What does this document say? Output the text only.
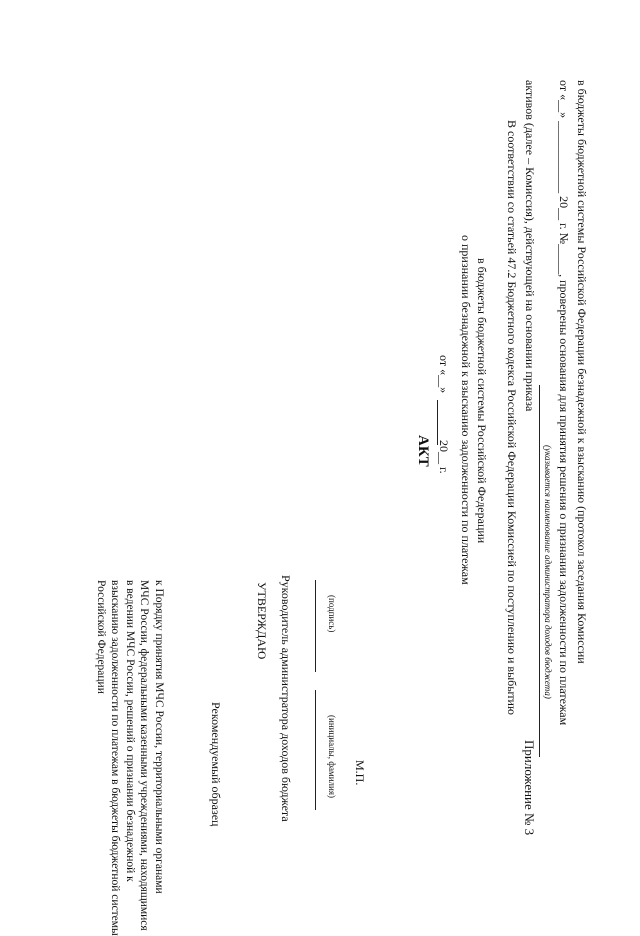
Приложение № 3
к Порядку принятия МЧС России, территориальными органами
МЧС России, федеральными казенными учреждениями, находящимися
в ведении МЧС России, решений о признании безнадежной к
взысканию задолженности по платежам в бюджеты бюджетной системы
Российской Федерации
Рекомендуемый образец
УТВЕРЖДАЮ Руководитель администратора доходов бюджета	(подпись)
(инициалы, фамилия) М.П.
АКТ
от «__»
20__ г. о признании безнадежной к взысканию задолженности по платежам в бюджеты бюджетной системы Российской Федерации В соответствии со статьей 47.2 Бюджетного кодекса Российской Федерации Комиссией по поступлению и выбытию активов (далее – Комиссия), действующей на основании приказа
(указывается наименование администратора доходов бюджета) от «__» ____________ 20__ г. №_____, проверены основания для принятия решения о признании задолженности по платежам в бюджеты бюджетной системы Российской Федерации безнадежной к взысканию (протокол заседания Комиссии
